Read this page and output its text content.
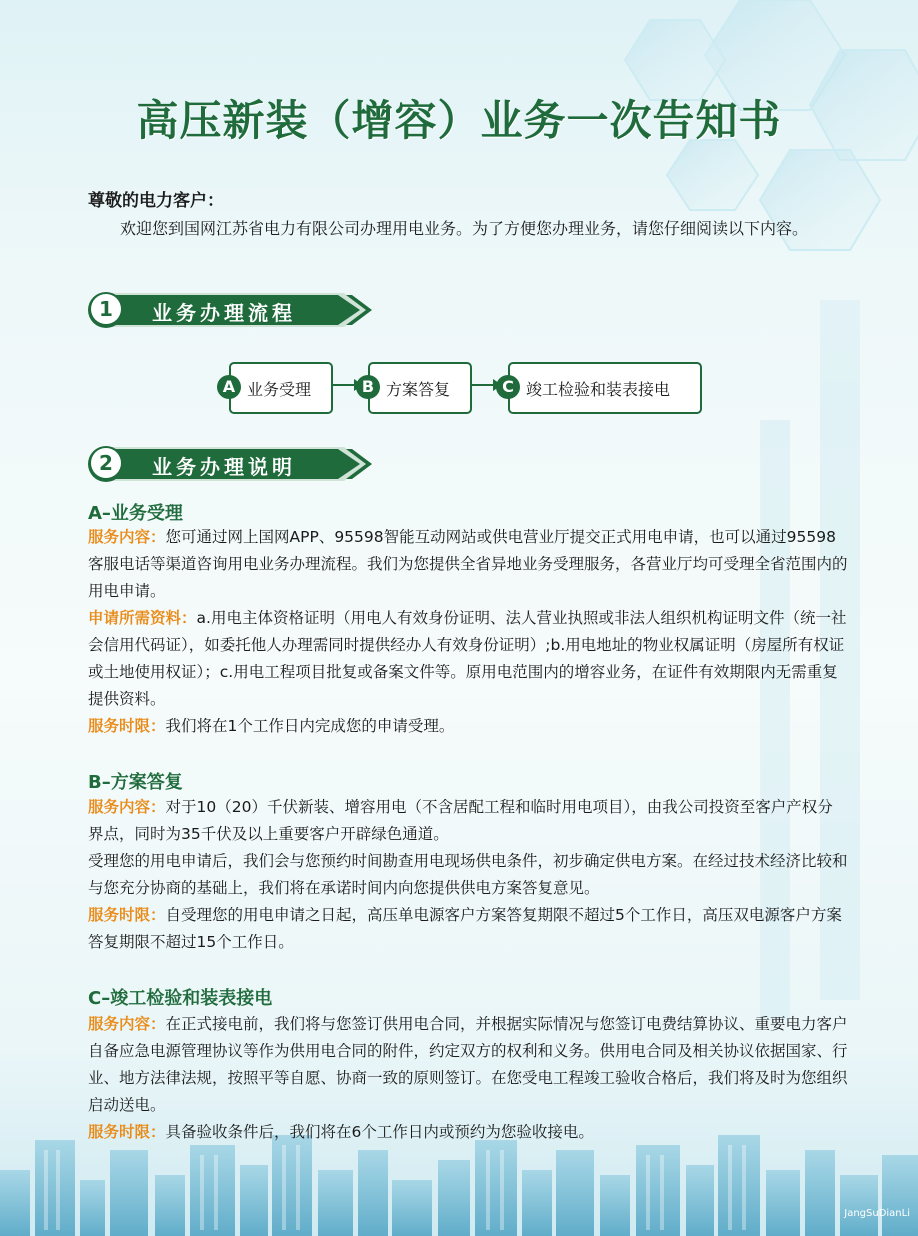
高压新装（增容）业务一次告知书
尊敬的电力客户：
欢迎您到国网江苏省电力有限公司办理用电业务。为了方便您办理业务，请您仔细阅读以下内容。
1	业务办理流程
A 业务受理	B 方案答复	C 竣工检验和装表接电
2	业务办理说明
A–业务受理
服务内容：您可通过网上国网APP、95598智能互动网站或供电营业厅提交正式用电申请，也可以通过95598客服电话等渠道咨询用电业务办理流程。我们为您提供全省异地业务受理服务，各营业厅均可受理全省范围内的用电申请。
申请所需资料：a.用电主体资格证明（用电人有效身份证明、法人营业执照或非法人组织机构证明文件（统一社会信用代码证），如委托他人办理需同时提供经办人有效身份证明）;b.用电地址的物业权属证明（房屋所有权证或土地使用权证）；c.用电工程项目批复或备案文件等。原用电范围内的增容业务，在证件有效期限内无需重复提供资料。
服务时限：我们将在1个工作日内完成您的申请受理。
B–方案答复
服务内容：对于10（20）千伏新装、增容用电（不含居配工程和临时用电项目），由我公司投资至客户产权分界点，同时为35千伏及以上重要客户开辟绿色通道。
受理您的用电申请后，我们会与您预约时间勘查用电现场供电条件，初步确定供电方案。在经过技术经济比较和与您充分协商的基础上，我们将在承诺时间内向您提供供电方案答复意见。
服务时限：自受理您的用电申请之日起，高压单电源客户方案答复期限不超过5个工作日，高压双电源客户方案答复期限不超过15个工作日。
C–竣工检验和装表接电
服务内容：在正式接电前，我们将与您签订供用电合同，并根据实际情况与您签订电费结算协议、重要电力客户自备应急电源管理协议等作为供用电合同的附件，约定双方的权利和义务。供用电合同及相关协议依据国家、行业、地方法律法规，按照平等自愿、协商一致的原则签订。在您受电工程竣工验收合格后，我们将及时为您组织启动送电。
服务时限：具备验收条件后，我们将在6个工作日内或预约为您验收接电。
JangSuDianLi
